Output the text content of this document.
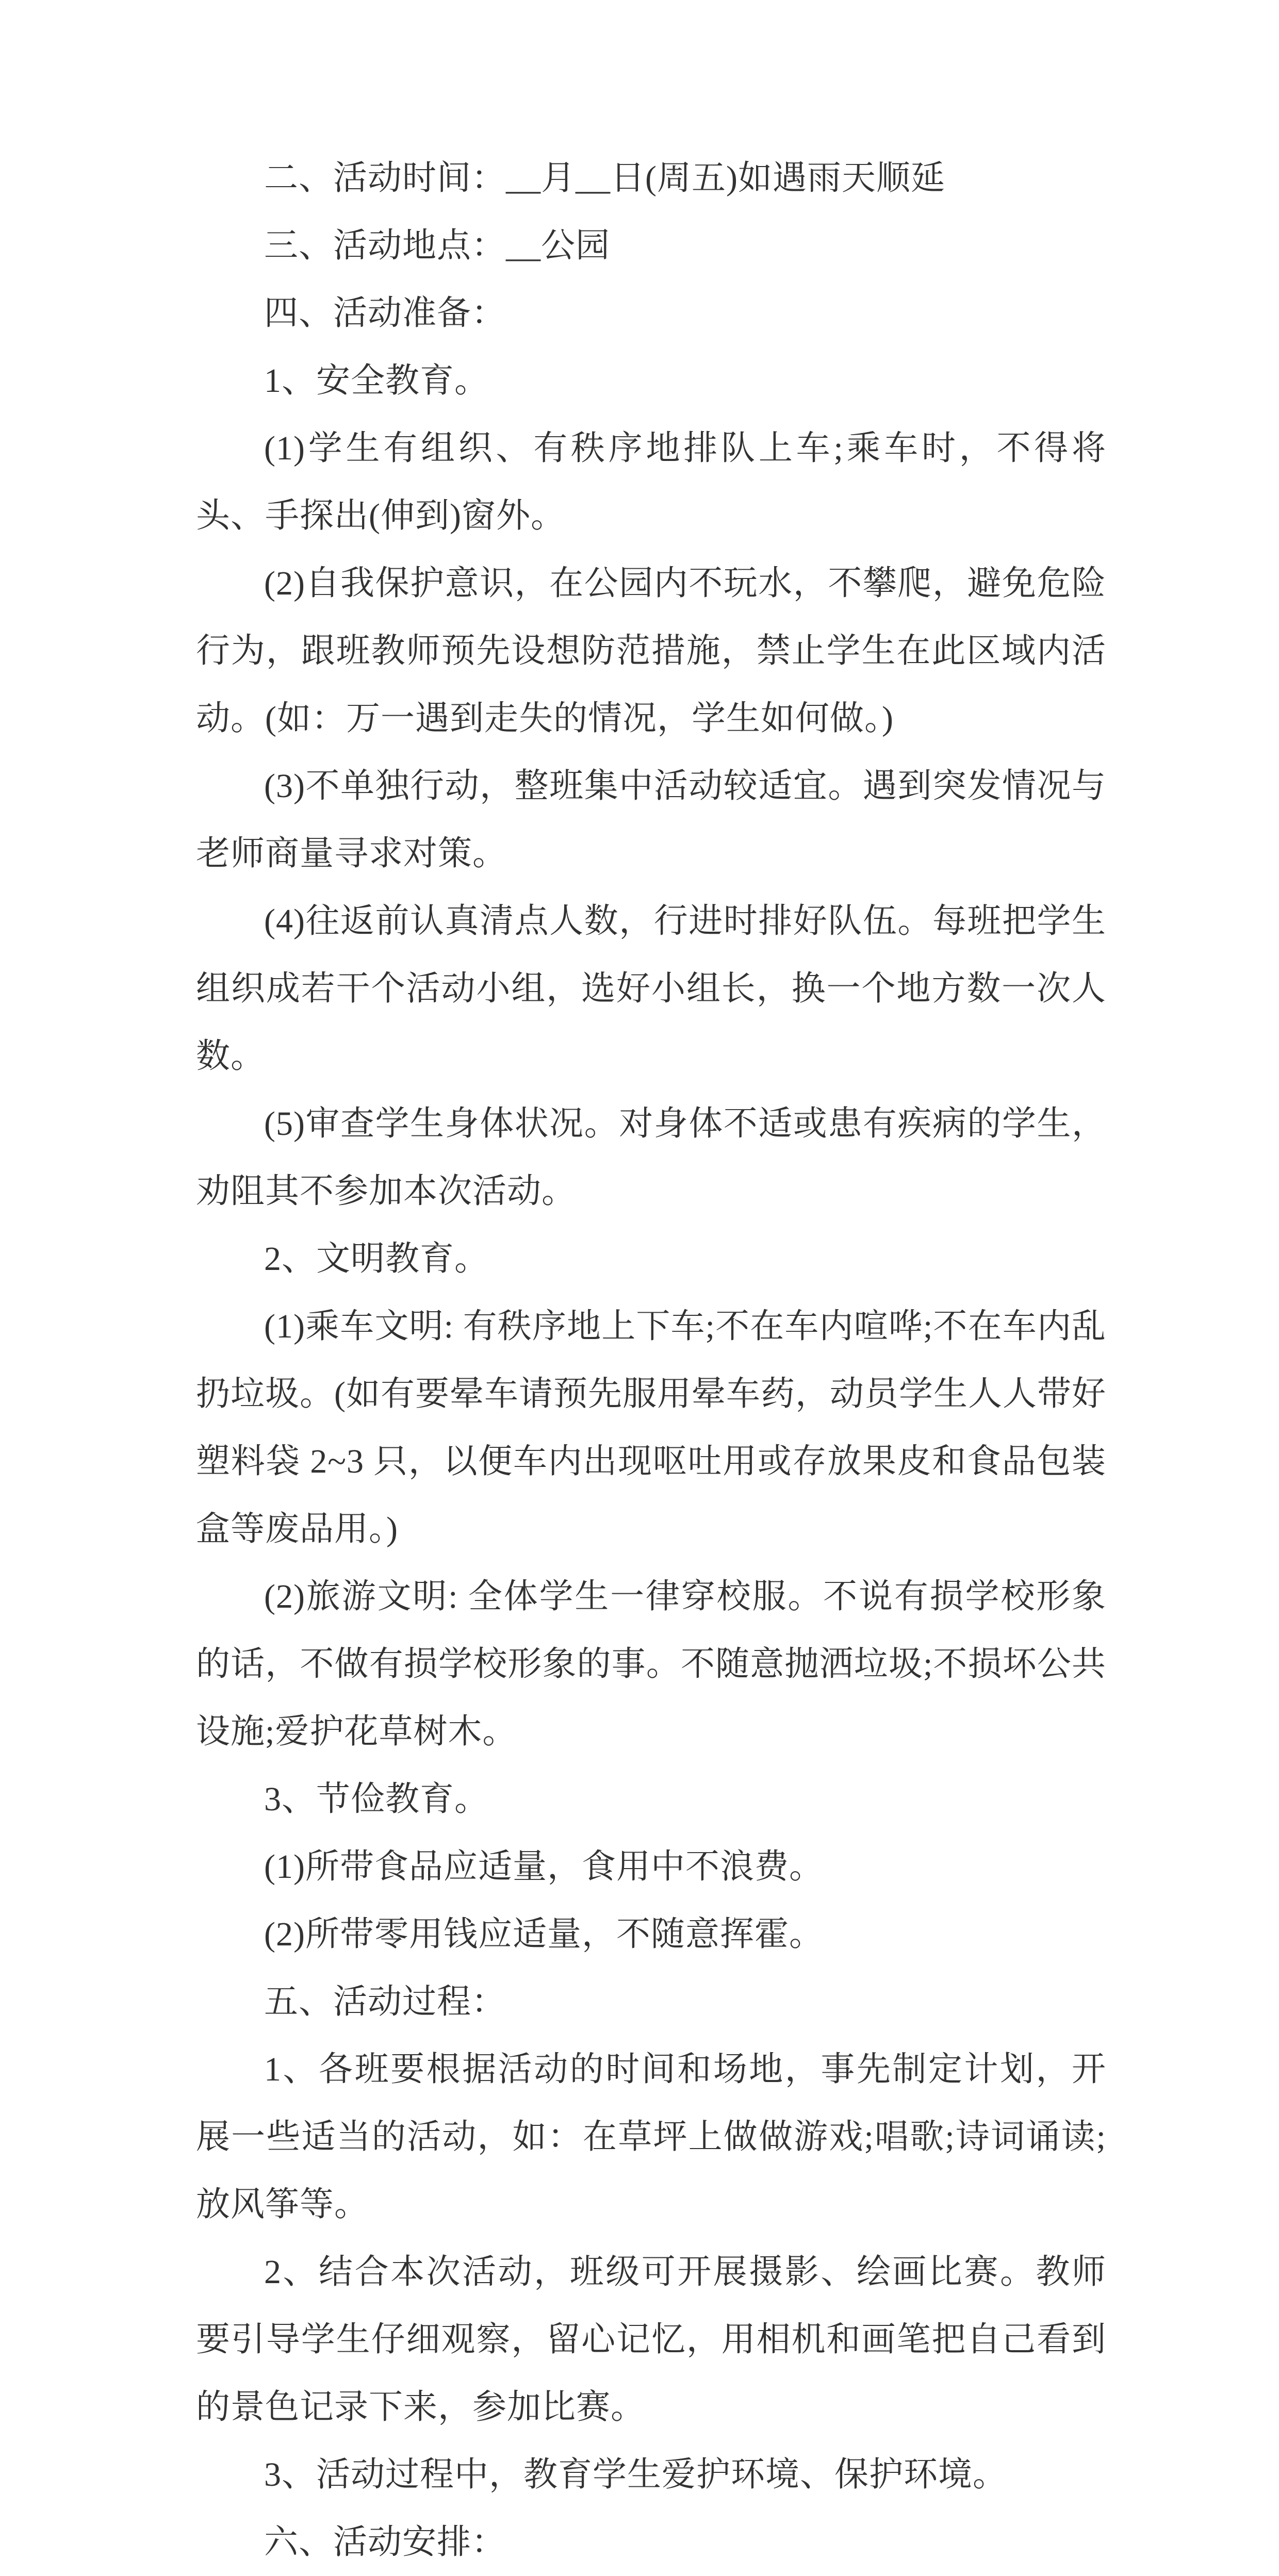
二、活动时间：__月__日(周五)如遇雨天顺延

三、活动地点：__公园

四、活动准备：

1、安全教育。

(1)学生有组织、有秩序地排队上车;乘车时，不得将头、手探出(伸到)窗外。

(2)自我保护意识，在公园内不玩水，不攀爬，避免危险行为，跟班教师预先设想防范措施，禁止学生在此区域内活动。(如：万一遇到走失的情况，学生如何做。)

(3)不单独行动，整班集中活动较适宜。遇到突发情况与老师商量寻求对策。

(4)往返前认真清点人数，行进时排好队伍。每班把学生组织成若干个活动小组，选好小组长，换一个地方数一次人数。

(5)审查学生身体状况。对身体不适或患有疾病的学生，劝阻其不参加本次活动。

2、文明教育。

(1)乘车文明: 有秩序地上下车;不在车内喧哗;不在车内乱扔垃圾。(如有要晕车请预先服用晕车药，动员学生人人带好塑料袋 2~3 只，以便车内出现呕吐用或存放果皮和食品包装盒等废品用。)

(2)旅游文明: 全体学生一律穿校服。不说有损学校形象的话，不做有损学校形象的事。不随意抛洒垃圾;不损坏公共设施;爱护花草树木。

3、节俭教育。

(1)所带食品应适量，食用中不浪费。

(2)所带零用钱应适量，不随意挥霍。

五、活动过程：

1、各班要根据活动的时间和场地，事先制定计划，开展一些适当的活动，如：在草坪上做做游戏;唱歌;诗词诵读;放风筝等。

2、结合本次活动，班级可开展摄影、绘画比赛。教师要引导学生仔细观察，留心记忆，用相机和画笔把自己看到的景色记录下来，参加比赛。

3、活动过程中，教育学生爱护环境、保护环境。

六、活动安排：
